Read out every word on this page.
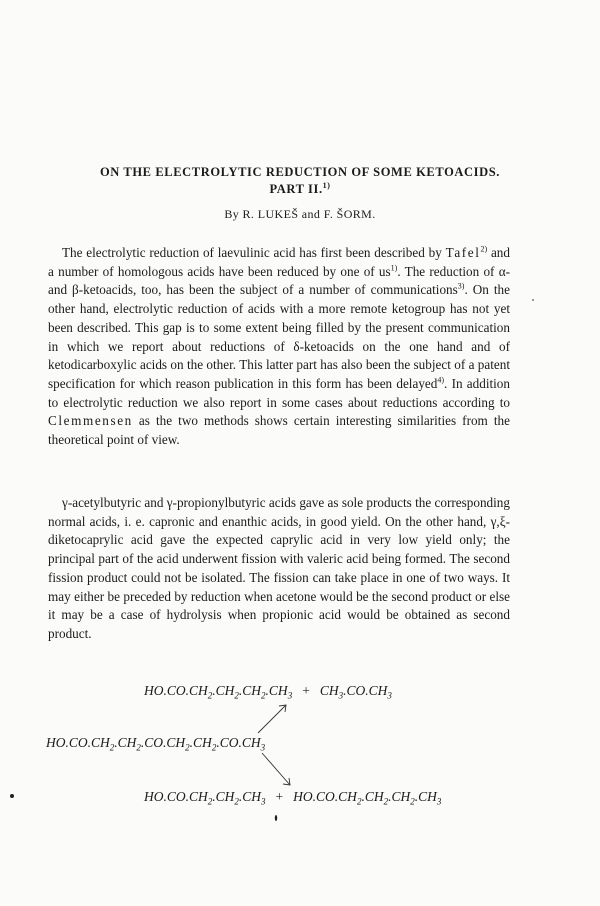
ON THE ELECTROLYTIC REDUCTION OF SOME KETOACIDS.
PART II.$^{1)}$
By R. LUKEŠ and F. ŠORM.

The electrolytic reduction of laevulinic acid has first been described by Tafel$^{2)}$ and a number of homologous acids have been reduced by one of $us^{1)}$. The reduction of α- and β-ketoacids, too, has been the subject of a number of communications$^{3)}$. On the other hand, electrolytic reduction of acids with a more remote ketogroup has not yet been described. This gap is to some extent being filled by the present communication in which we report about reductions of δ-ketoacids on the one hand and of ketodicarboxylic acids on the other. This latter part has also been the subject of a patent specification for which reason publication in this form has been delayed$^{4)}$. In addition to electrolytic reduction we also report in some cases about reductions according to Clemmensen as the two methods shows certain interesting similarities from the theoretical point of view.

γ-acetylbutyric and γ-propionylbutyric acids gave as sole products the corresponding normal acids, i. e. capronic and enanthic acids, in good yield. On the other hand, γ,ξ-diketocaprylic acid gave the expected caprylic acid in very low yield only; the principal part of the acid underwent fission with valeric acid being formed. The second fission product could not be isolated. The fission can take place in one of two ways. It may either be preceded by reduction when acetone would be the second product or else it may be a case of hydrolysis when propionic acid would be obtained as second product.

$HO.CO.CH_2.CH_2.CH_2.CH_3 + CH_3.CO.CH_3$
$HO.CO.CH_2.CH_2.CO.CH_2.CH_2.CO.CH_3$
$HO.CO.CH_2.CH_2.CH_3 + HO.CO.CH_2.CH_2.CH_2.CH_3$
